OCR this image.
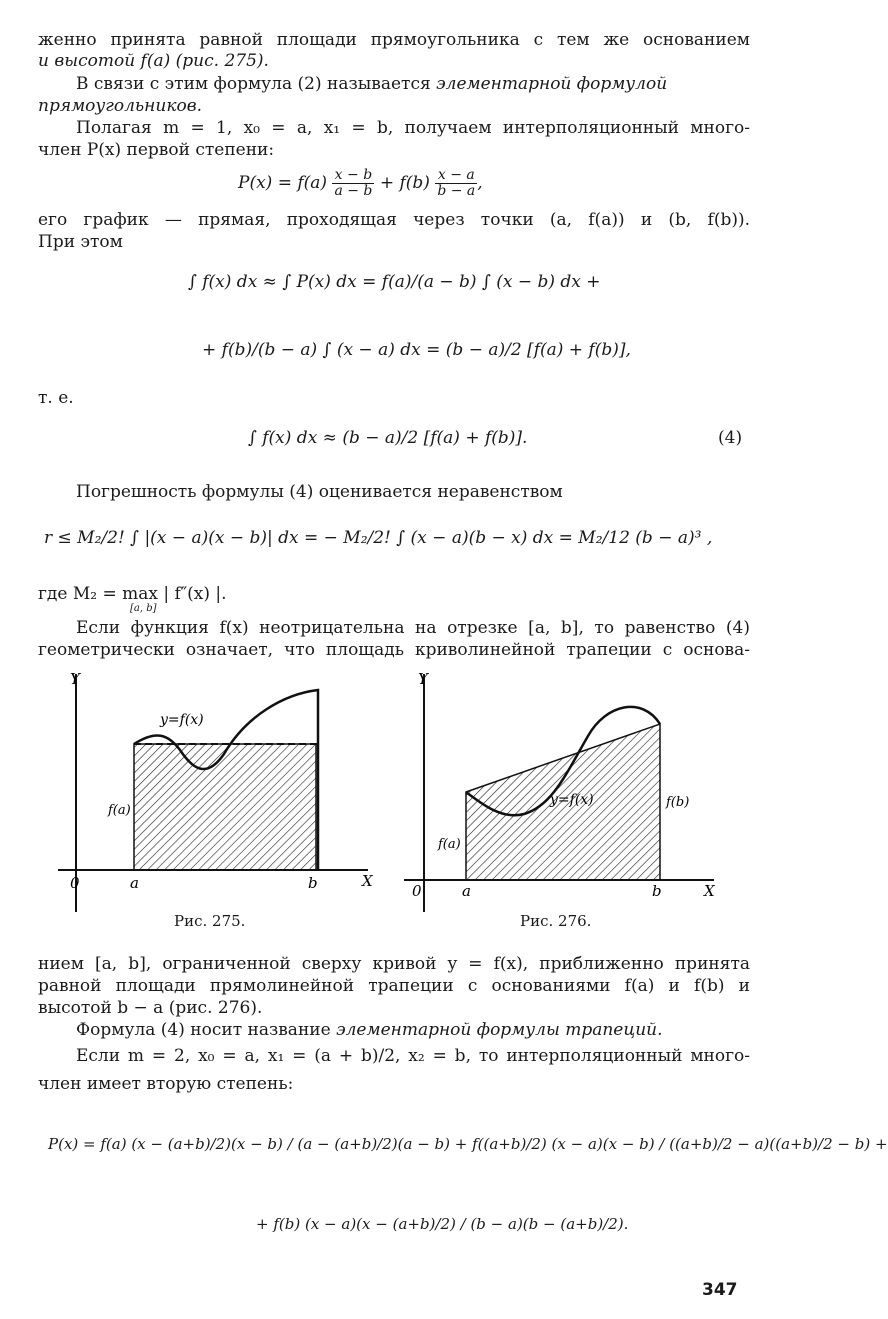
женно принята равной площади прямоугольника с тем же основанием
и высотой f(a) (рис. 275).
В связи с этим формула (2) называется элементарной формулой
прямоугольников.
Полагая m = 1, x₀ = a, x₁ = b, получаем интерполяционный много-
член P(x) первой степени:
$P(x) = f(a) \frac{x - b}{a - b} + f(b) \frac{x - a}{b - a}$ ,
его график — прямая, проходящая через точки (a, f(a)) и (b, f(b)).
При этом
∫ f(x) dx ≈ ∫ P(x) dx = f(a)/(a − b) ∫ (x − b) dx +
+ f(b)/(b − a) ∫ (x − a) dx = (b − a)/2 [f(a) + f(b)],
т. е.
∫ f(x) dx ≈ (b − a)/2 [f(a) + f(b)].	(4)
Погрешность формулы (4) оценивается неравенством
r ≤ M₂/2! ∫ |(x − a)(x − b)| dx = − M₂/2! ∫ (x − a)(b − x) dx = M₂/12 (b − a)³ ,
где M₂ = max | f″(x) |.
[a, b]
Если функция f(x) неотрицательна на отрезке [a, b], то равенство (4)
геометрически означает, что площадь криволинейной трапеции с основа-
Y
X
0	a	b
y=f(x)
f(a)
Рис. 275.
Y
X
0	a	b
y=f(x)
f(a)
f(b)
Рис. 276.
нием [a, b], ограниченной сверху кривой y = f(x), приближенно принята
равной площади прямолинейной трапеции с основаниями f(a) и f(b) и
высотой b − a (рис. 276).
Формула (4) носит название элементарной формулы трапеций.
Если m = 2, x₀ = a, x₁ = (a + b)/2, x₂ = b, то интерполяционный много-
член имеет вторую степень:
P(x) = f(a) (x − (a+b)/2)(x − b) / (a − (a+b)/2)(a − b) + f((a+b)/2) (x − a)(x − b) / ((a+b)/2 − a)((a+b)/2 − b) +
+ f(b) (x − a)(x − (a+b)/2) / (b − a)(b − (a+b)/2).
347
